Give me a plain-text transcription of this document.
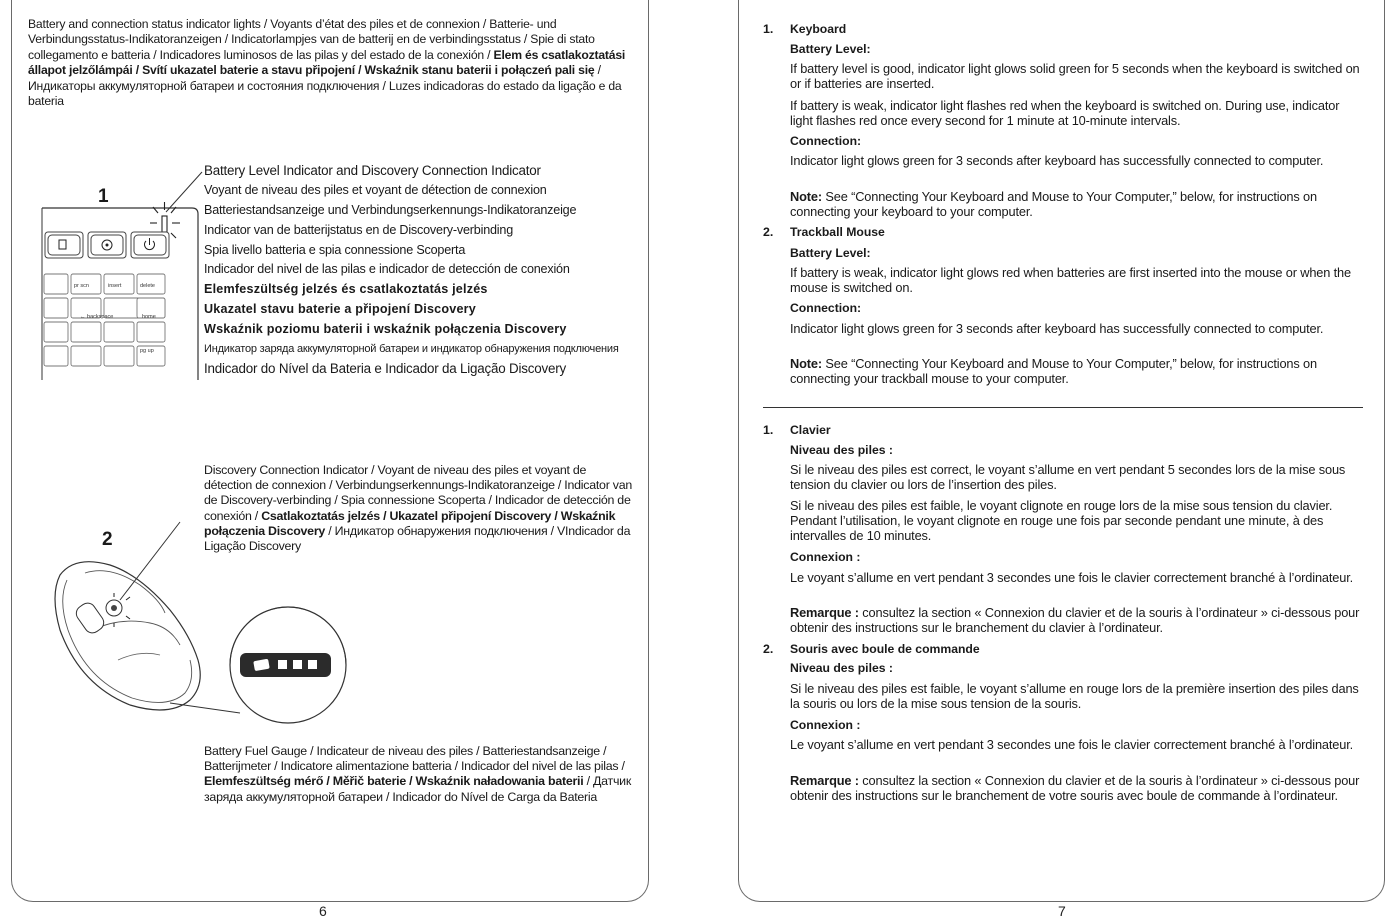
Battery and connection status indicator lights / Voyants d’état des piles et de connexion / Batterie- und Verbindungsstatus-Indikatoranzeigen / Indicatorlampjes van de batterij en de verbindingsstatus / Spie di stato collegamento e batteria / Indicadores luminosos de las pilas y del estado de la conexión / Elem és csatlakoztatási állapot jelzőlámpái / Svítí ukazatel baterie a stavu připojení / Wskaźnik stanu baterii i połączeń pali się / Индикаторы аккумуляторной батареи и состояния подключения / Luzes indicadoras do estado da ligação e da bateria
1
pr scn	insert	delete
← backspace	home
pg up
Battery Level Indicator and Discovery Connection Indicator
Voyant de niveau des piles et voyant de détection de connexion
Batteriestandsanzeige und Verbindungserkennungs-Indikatoranzeige
Indicator van de batterijstatus en de Discovery-verbinding
Spia livello batteria e spia connessione Scoperta
Indicador del nivel de las pilas e indicador de detección de conexión
Elemfeszültség jelzés és csatlakoztatás jelzés
Ukazatel stavu baterie a připojení Discovery
Wskaźnik poziomu baterii i wskaźnik połączenia Discovery
Индикатор заряда аккумуляторной батареи и индикатор обнаружения подключения
Indicador do Nível da Bateria e Indicador da Ligação Discovery
2
Discovery Connection Indicator / Voyant de niveau des piles et voyant de détection de connexion / Verbindungserkennungs-Indikatoranzeige / Indicator van de Discovery-verbinding / Spia connessione Scoperta / Indicador de detección de conexión / Csatlakoztatás jelzés / Ukazatel připojení Discovery / Wskaźnik połączenia Discovery / Индикатор обнаружения подключения / VIndicador da Ligação Discovery
Battery Fuel Gauge / Indicateur de niveau des piles / Batteriestandsanzeige / Batterijmeter / Indicatore alimentazione batteria / Indicador del nivel de las pilas / Elemfeszültség mérő / Měřič baterie / Wskaźnik naładowania baterii / Датчик заряда аккумуляторной батареи / Indicador do Nível de Carga da Bateria
6
1. Keyboard
Battery Level:
If battery level is good, indicator light glows solid green for 5 seconds when the keyboard is switched on or if batteries are inserted.
If battery is weak, indicator light flashes red when the keyboard is switched on. During use, indicator light flashes red once every second for 1 minute at 10-minute intervals.
Connection:
Indicator light glows green for 3 seconds after keyboard has successfully connected to computer.
Note: See “Connecting Your Keyboard and Mouse to Your Computer,” below, for instructions on connecting your keyboard to your computer.
2. Trackball Mouse
Battery Level:
If battery is weak, indicator light glows red when batteries are first inserted into the mouse or when the mouse is switched on.
Connection:
Indicator light glows green for 3 seconds after keyboard has successfully connected to computer.
Note: See “Connecting Your Keyboard and Mouse to Your Computer,” below, for instructions on connecting your trackball mouse to your computer.
1. Clavier
Niveau des piles :
Si le niveau des piles est correct, le voyant s’allume en vert pendant 5 secondes lors de la mise sous tension du clavier ou lors de l’insertion des piles.
Si le niveau des piles est faible, le voyant clignote en rouge lors de la mise sous tension du clavier. Pendant l’utilisation, le voyant clignote en rouge une fois par seconde pendant une minute, à des intervalles de 10 minutes.
Connexion :
Le voyant s’allume en vert pendant 3 secondes une fois le clavier correctement branché à l’ordinateur.
Remarque : consultez la section « Connexion du clavier et de la souris à l’ordinateur » ci-dessous pour obtenir des instructions sur le branchement du clavier à l’ordinateur.
2. Souris avec boule de commande
Niveau des piles :
Si le niveau des piles est faible, le voyant s’allume en rouge lors de la première insertion des piles dans la souris ou lors de la mise sous tension de la souris.
Connexion :
Le voyant s’allume en vert pendant 3 secondes une fois le clavier correctement branché à l’ordinateur.
Remarque : consultez la section « Connexion du clavier et de la souris à l’ordinateur » ci-dessous pour obtenir des instructions sur le branchement de votre souris avec boule de commande à l’ordinateur.
7
